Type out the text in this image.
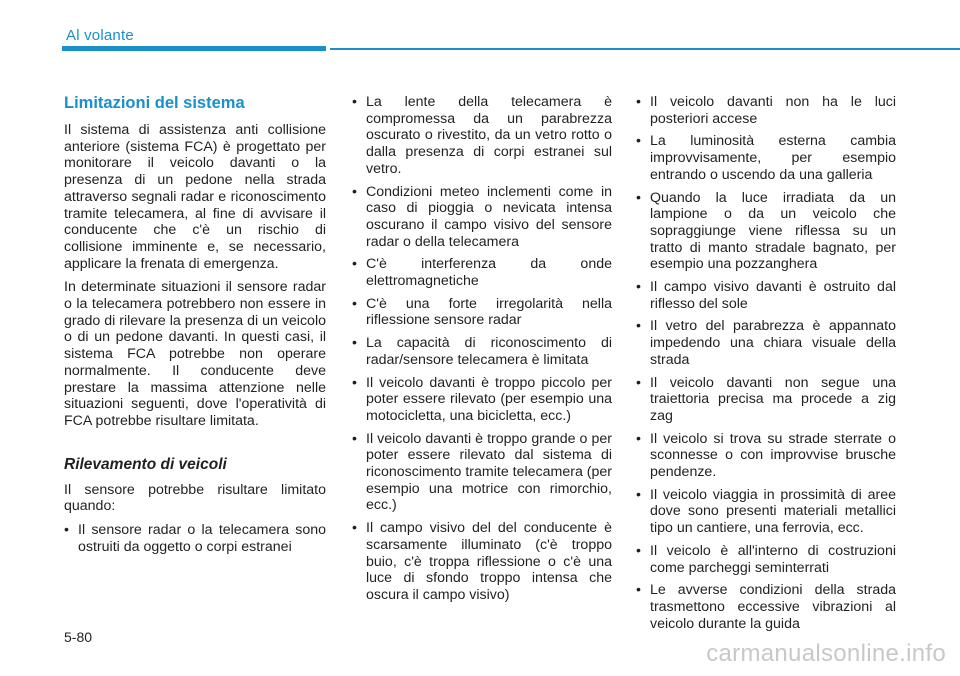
Al volante
Limitazioni del sistema

Il sistema di assistenza anti collisione anteriore (sistema FCA) è progettato per monitorare il veicolo davanti o la presenza di un pedone nella strada attraverso segnali radar e riconoscimento tramite telecamera, al fine di avvisare il conducente che c'è un rischio di collisione imminente e, se necessario, applicare la frenata di emergenza.

In determinate situazioni il sensore radar o la telecamera potrebbero non essere in grado di rilevare la presenza di un veicolo o di un pedone davanti. In questi casi, il sistema FCA potrebbe non operare normalmente. Il conducente deve prestare la massima attenzione nelle situazioni seguenti, dove l'operatività di FCA potrebbe risultare limitata.

Rilevamento di veicoli

Il sensore potrebbe risultare limitato quando:

• Il sensore radar o la telecamera sono ostruiti da oggetto o corpi estranei
• La lente della telecamera è compromessa da un parabrezza oscurato o rivestito, da un vetro rotto o dalla presenza di corpi estranei sul vetro.
• Condizioni meteo inclementi come in caso di pioggia o nevicata intensa oscurano il campo visivo del sensore radar o della telecamera
• C'è interferenza da onde elettromagnetiche
• C'è una forte irregolarità nella riflessione sensore radar
• La capacità di riconoscimento di radar/sensore telecamera è limitata
• Il veicolo davanti è troppo piccolo per poter essere rilevato (per esempio una motocicletta, una bicicletta, ecc.)
• Il veicolo davanti è troppo grande o per poter essere rilevato dal sistema di riconoscimento tramite telecamera (per esempio una motrice con rimorchio, ecc.)
• Il campo visivo del del conducente è scarsamente illuminato (c'è troppo buio, c'è troppa riflessione o c'è una luce di sfondo troppo intensa che oscura il campo visivo)
• Il veicolo davanti non ha le luci posteriori accese
• La luminosità esterna cambia improvvisamente, per esempio entrando o uscendo da una galleria
• Quando la luce irradiata da un lampione o da un veicolo che sopraggiunge viene riflessa su un tratto di manto stradale bagnato, per esempio una pozzanghera
• Il campo visivo davanti è ostruito dal riflesso del sole
• Il vetro del parabrezza è appannato impedendo una chiara visuale della strada
• Il veicolo davanti non segue una traiettoria precisa ma procede a zig zag
• Il veicolo si trova su strade sterrate o sconnesse o con improvvise brusche pendenze.
• Il veicolo viaggia in prossimità di aree dove sono presenti materiali metallici tipo un cantiere, una ferrovia, ecc.
• Il veicolo è all'interno di costruzioni come parcheggi seminterrati
• Le avverse condizioni della strada trasmettono eccessive vibrazioni al veicolo durante la guida
5-80
carmanualsonline.info
